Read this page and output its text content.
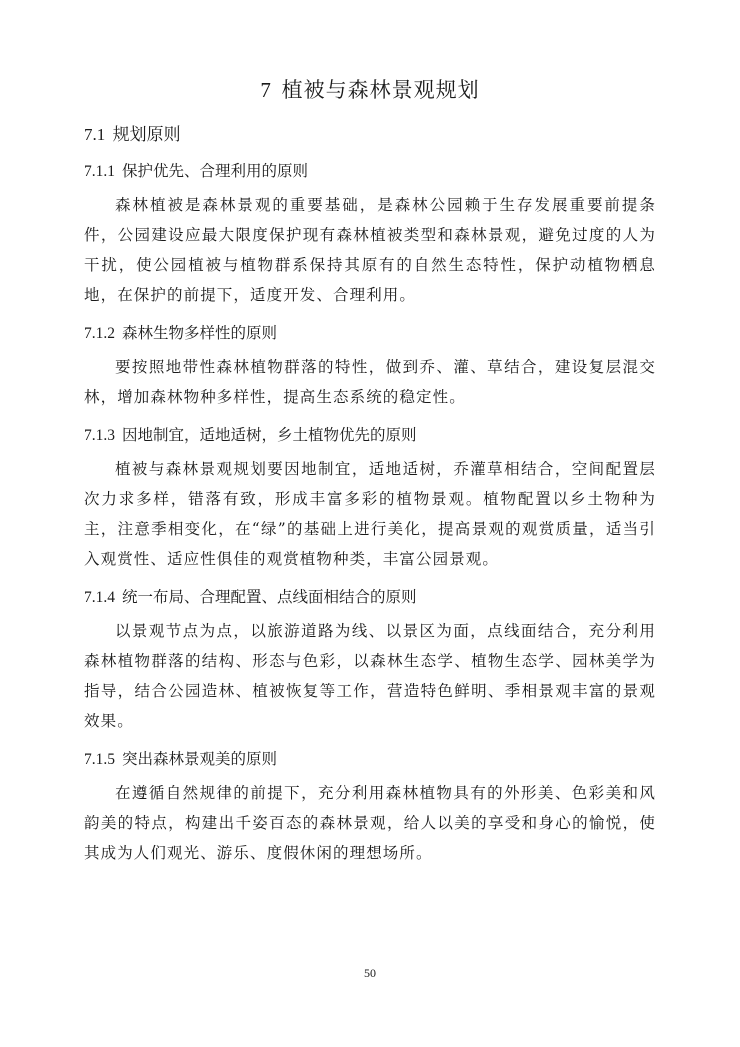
7 植被与森林景观规划
7.1 规划原则
7.1.1 保护优先、合理利用的原则

森林植被是森林景观的重要基础，是森林公园赖于生存发展重要前提条件，公园建设应最大限度保护现有森林植被类型和森林景观，避免过度的人为干扰，使公园植被与植物群系保持其原有的自然生态特性，保护动植物栖息地，在保护的前提下，适度开发、合理利用。

7.1.2 森林生物多样性的原则

要按照地带性森林植物群落的特性，做到乔、灌、草结合，建设复层混交林，增加森林物种多样性，提高生态系统的稳定性。

7.1.3 因地制宜，适地适树，乡土植物优先的原则

植被与森林景观规划要因地制宜，适地适树，乔灌草相结合，空间配置层次力求多样，错落有致，形成丰富多彩的植物景观。植物配置以乡土物种为主，注意季相变化，在“绿”的基础上进行美化，提高景观的观赏质量，适当引入观赏性、适应性俱佳的观赏植物种类，丰富公园景观。

7.1.4 统一布局、合理配置、点线面相结合的原则

以景观节点为点，以旅游道路为线、以景区为面，点线面结合，充分利用森林植物群落的结构、形态与色彩，以森林生态学、植物生态学、园林美学为指导，结合公园造林、植被恢复等工作，营造特色鲜明、季相景观丰富的景观效果。

7.1.5 突出森林景观美的原则

在遵循自然规律的前提下，充分利用森林植物具有的外形美、色彩美和风韵美的特点，构建出千姿百态的森林景观，给人以美的享受和身心的愉悦，使其成为人们观光、游乐、度假休闲的理想场所。

50
